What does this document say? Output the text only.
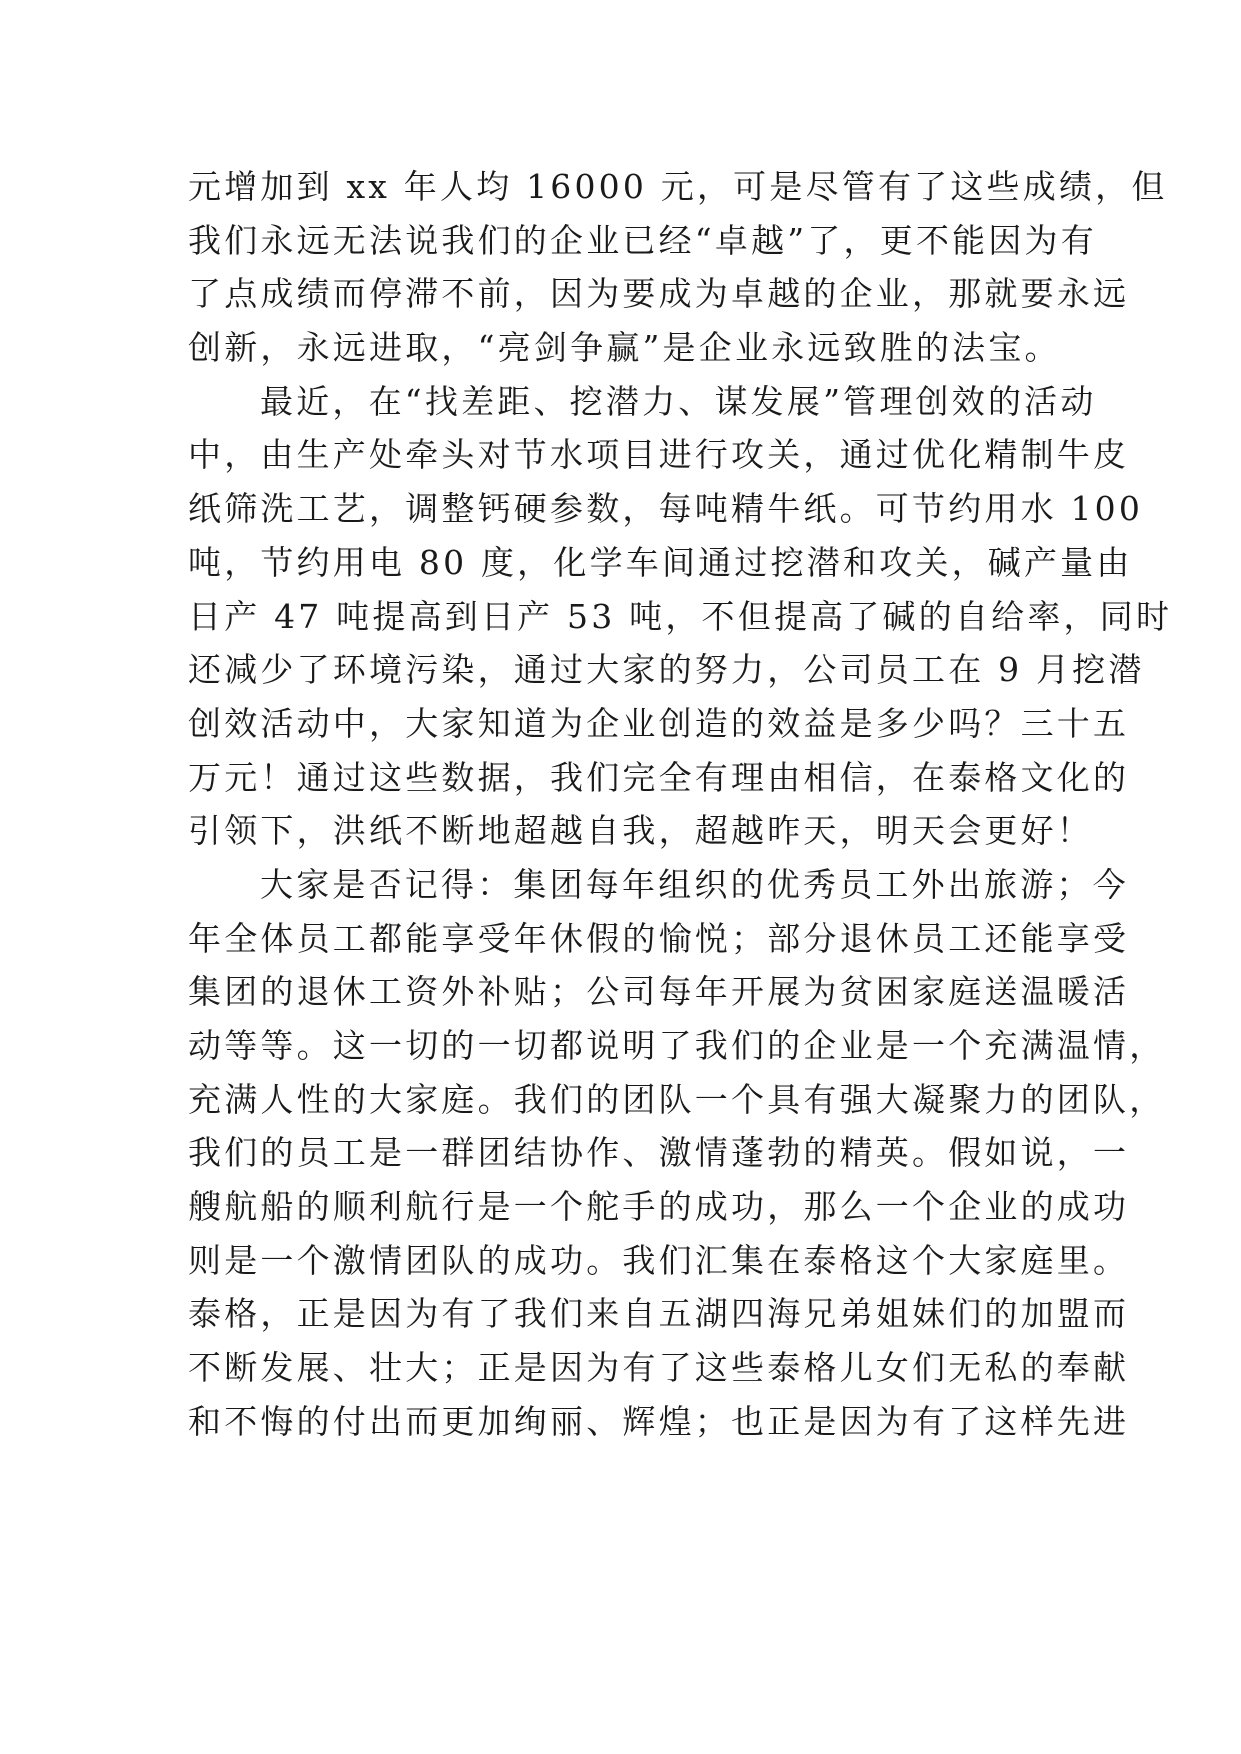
元增加到 xx 年人均 16000 元，可是尽管有了这些成绩，但
我们永远无法说我们的企业已经“卓越”了，更不能因为有
了点成绩而停滞不前，因为要成为卓越的企业，那就要永远
创新，永远进取，“亮剑争赢”是企业永远致胜的法宝。
最近，在“找差距、挖潜力、谋发展”管理创效的活动
中，由生产处牵头对节水项目进行攻关，通过优化精制牛皮
纸筛洗工艺，调整钙硬参数，每吨精牛纸。可节约用水 100
吨，节约用电 80 度，化学车间通过挖潜和攻关，碱产量由
日产 47 吨提高到日产 53 吨，不但提高了碱的自给率，同时
还减少了环境污染，通过大家的努力，公司员工在 9 月挖潜
创效活动中，大家知道为企业创造的效益是多少吗？三十五
万元！通过这些数据，我们完全有理由相信，在泰格文化的
引领下，洪纸不断地超越自我，超越昨天，明天会更好！
大家是否记得：集团每年组织的优秀员工外出旅游；今
年全体员工都能享受年休假的愉悦；部分退休员工还能享受
集团的退休工资外补贴；公司每年开展为贫困家庭送温暖活
动等等。这一切的一切都说明了我们的企业是一个充满温情，
充满人性的大家庭。我们的团队一个具有强大凝聚力的团队，
我们的员工是一群团结协作、激情蓬勃的精英。假如说，一
艘航船的顺利航行是一个舵手的成功，那么一个企业的成功
则是一个激情团队的成功。我们汇集在泰格这个大家庭里。
泰格，正是因为有了我们来自五湖四海兄弟姐妹们的加盟而
不断发展、壮大；正是因为有了这些泰格儿女们无私的奉献
和不悔的付出而更加绚丽、辉煌；也正是因为有了这样先进
